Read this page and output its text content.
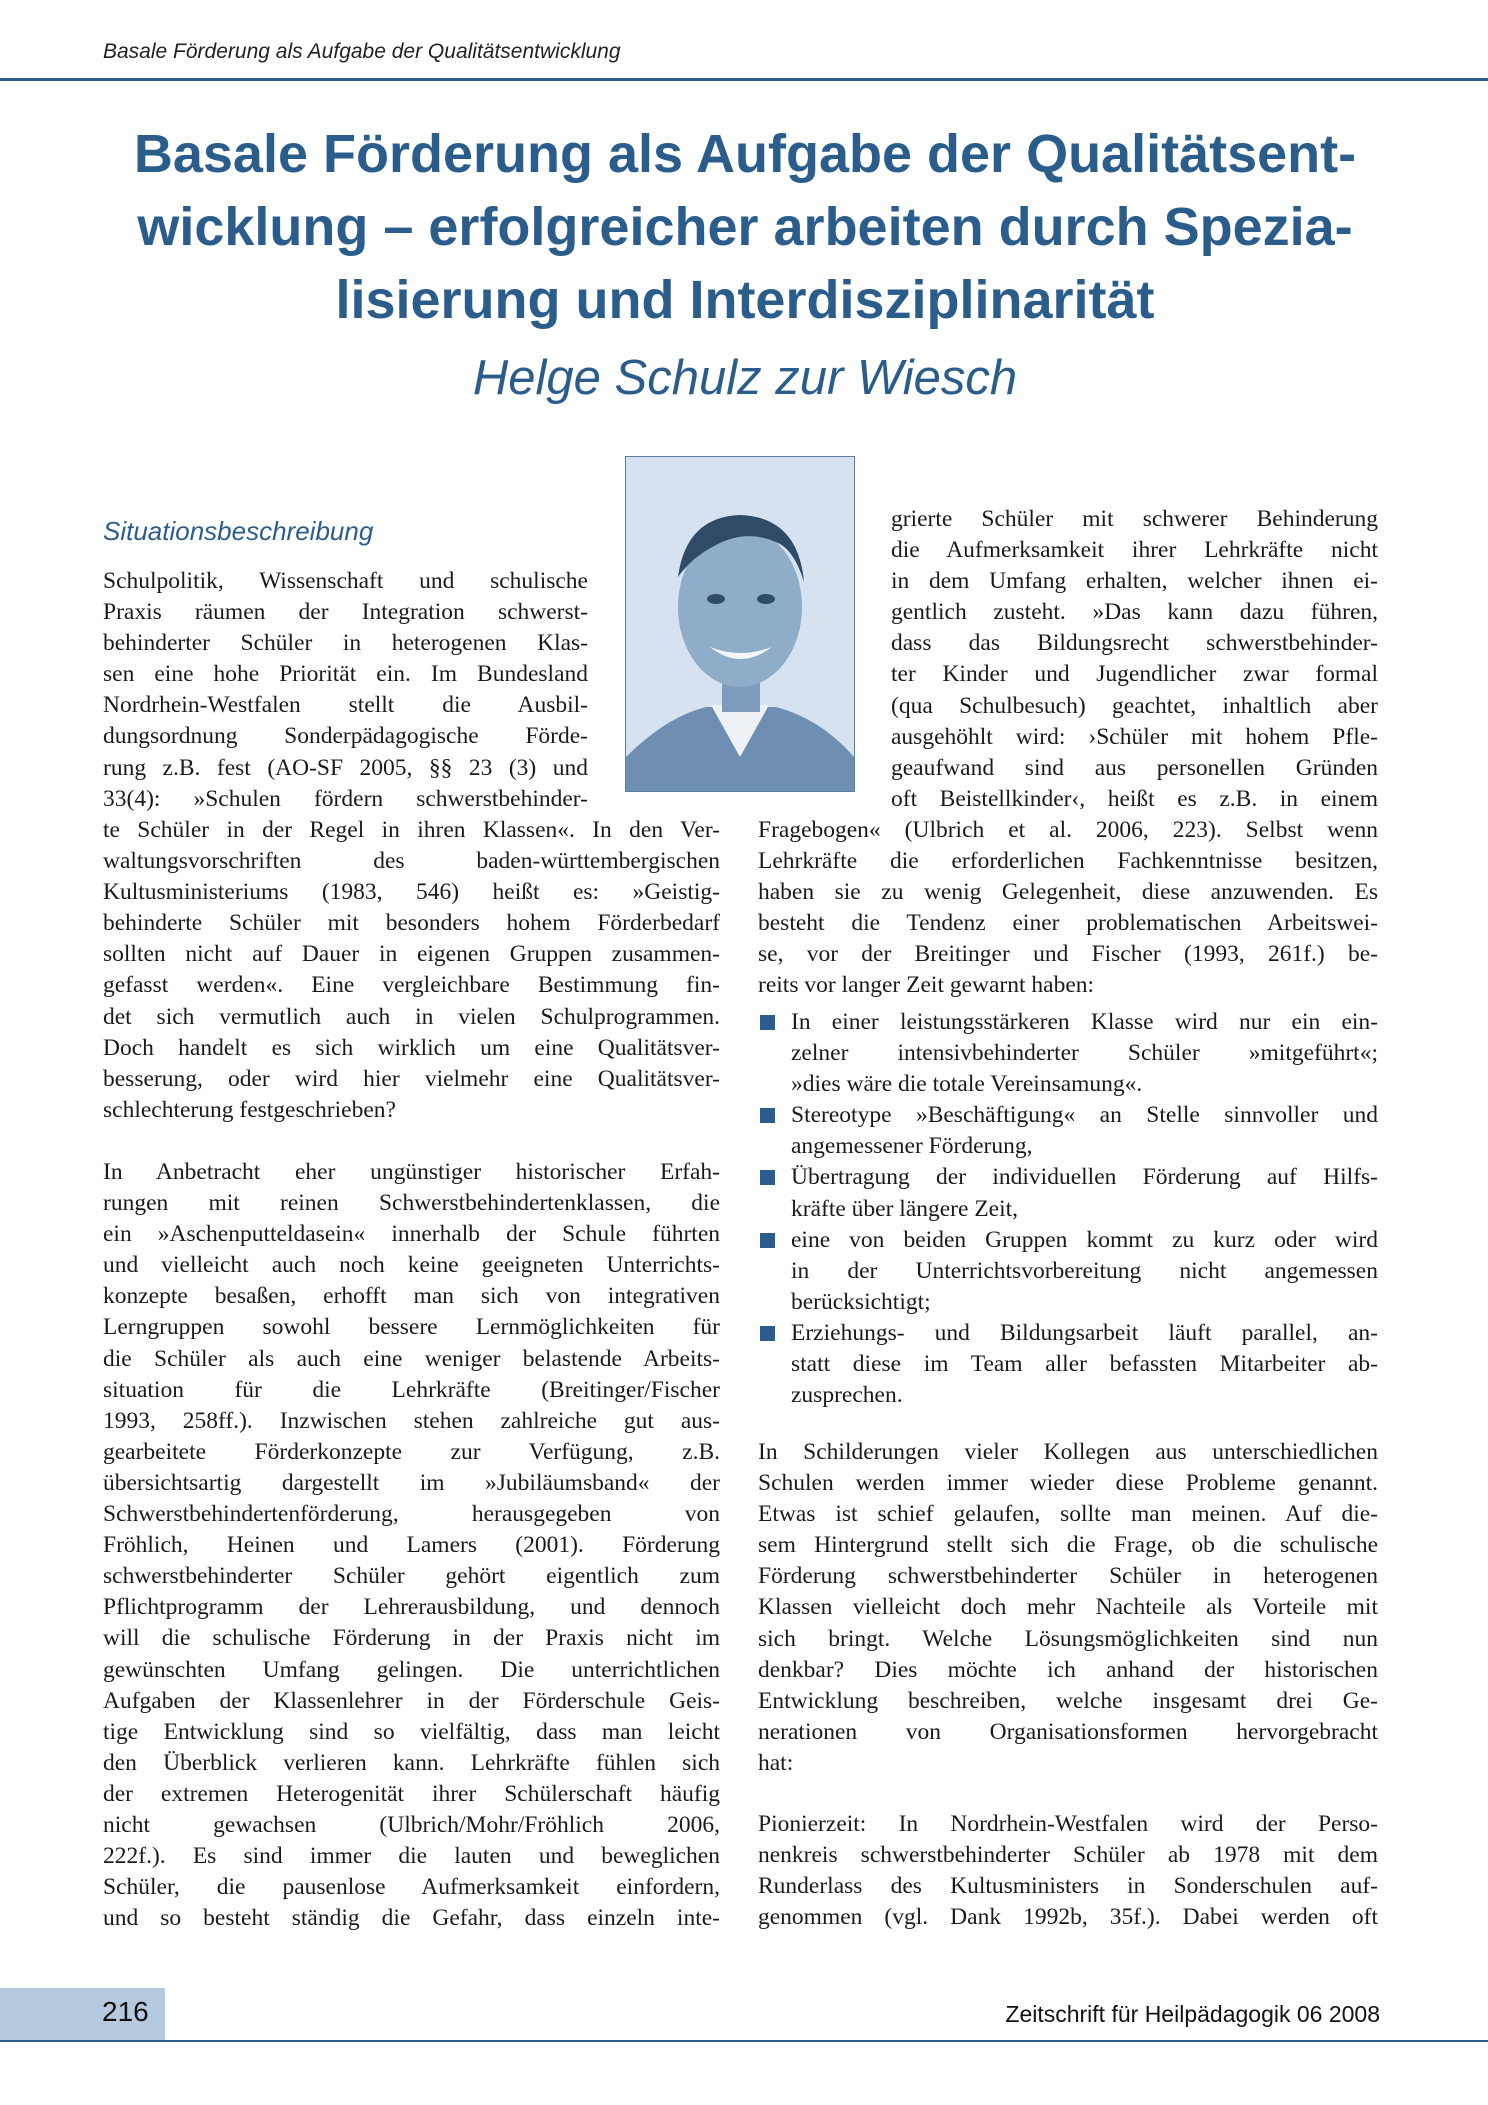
Basale Förderung als Aufgabe der Qualitätsentwicklung
Basale Förderung als Aufgabe der Qualitätsent-
wicklung – erfolgreicher arbeiten durch Spezia-
lisierung und Interdisziplinarität
Helge Schulz zur Wiesch
Situationsbeschreibung

Schulpolitik, Wissenschaft und schulische
Praxis räumen der Integration schwerst-
behinderter Schüler in heterogenen Klas-
sen eine hohe Priorität ein. Im Bundesland
Nordrhein-Westfalen stellt die Ausbil-
dungsordnung Sonderpädagogische Förde-
rung z.B. fest (AO-SF 2005, §§ 23 (3) und
33(4): »Schulen fördern schwerstbehinder-

te Schüler in der Regel in ihren Klassen«. In den Ver-
waltungsvorschriften des baden-württembergischen
Kultusministeriums (1983, 546) heißt es: »Geistig-
behinderte Schüler mit besonders hohem Förderbedarf
sollten nicht auf Dauer in eigenen Gruppen zusammen-
gefasst werden«. Eine vergleichbare Bestimmung fin-
det sich vermutlich auch in vielen Schulprogrammen.
Doch handelt es sich wirklich um eine Qualitätsver-
besserung, oder wird hier vielmehr eine Qualitätsver-
schlechterung festgeschrieben?

In Anbetracht eher ungünstiger historischer Erfah-
rungen mit reinen Schwerstbehindertenklassen, die
ein »Aschenputteldasein« innerhalb der Schule führten
und vielleicht auch noch keine geeigneten Unterrichts-
konzepte besaßen, erhofft man sich von integrativen
Lerngruppen sowohl bessere Lernmöglichkeiten für
die Schüler als auch eine weniger belastende Arbeits-
situation für die Lehrkräfte (Breitinger/Fischer
1993, 258ff.). Inzwischen stehen zahlreiche gut aus-
gearbeitete Förderkonzepte zur Verfügung, z.B.
übersichtsartig dargestellt im »Jubiläumsband« der
Schwerstbehindertenförderung, herausgegeben von
Fröhlich, Heinen und Lamers (2001). Förderung
schwerstbehinderter Schüler gehört eigentlich zum
Pflichtprogramm der Lehrerausbildung, und dennoch
will die schulische Förderung in der Praxis nicht im
gewünschten Umfang gelingen. Die unterrichtlichen
Aufgaben der Klassenlehrer in der Förderschule Geis-
tige Entwicklung sind so vielfältig, dass man leicht
den Überblick verlieren kann. Lehrkräfte fühlen sich
der extremen Heterogenität ihrer Schülerschaft häufig
nicht gewachsen (Ulbrich/Mohr/Fröhlich 2006,
222f.). Es sind immer die lauten und beweglichen
Schüler, die pausenlose Aufmerksamkeit einfordern,
und so besteht ständig die Gefahr, dass einzeln inte-

grierte Schüler mit schwerer Behinderung
die Aufmerksamkeit ihrer Lehrkräfte nicht
in dem Umfang erhalten, welcher ihnen ei-
gentlich zusteht. »Das kann dazu führen,
dass das Bildungsrecht schwerstbehinder-
ter Kinder und Jugendlicher zwar formal
(qua Schulbesuch) geachtet, inhaltlich aber
ausgehöhlt wird: ›Schüler mit hohem Pfle-
geaufwand sind aus personellen Gründen
oft Beistellkinder‹, heißt es z.B. in einem

Fragebogen« (Ulbrich et al. 2006, 223). Selbst wenn
Lehrkräfte die erforderlichen Fachkenntnisse besitzen,
haben sie zu wenig Gelegenheit, diese anzuwenden. Es
besteht die Tendenz einer problematischen Arbeitswei-
se, vor der Breitinger und Fischer (1993, 261f.) be-
reits vor langer Zeit gewarnt haben:

In einer leistungsstärkeren Klasse wird nur ein ein-
zelner intensivbehinderter Schüler »mitgeführt«;
»dies wäre die totale Vereinsamung«.
Stereotype »Beschäftigung« an Stelle sinnvoller und
angemessener Förderung,
Übertragung der individuellen Förderung auf Hilfs-
kräfte über längere Zeit,
eine von beiden Gruppen kommt zu kurz oder wird
in der Unterrichtsvorbereitung nicht angemessen
berücksichtigt;
Erziehungs- und Bildungsarbeit läuft parallel, an-
statt diese im Team aller befassten Mitarbeiter ab-
zusprechen.

In Schilderungen vieler Kollegen aus unterschiedlichen
Schulen werden immer wieder diese Probleme genannt.
Etwas ist schief gelaufen, sollte man meinen. Auf die-
sem Hintergrund stellt sich die Frage, ob die schulische
Förderung schwerstbehinderter Schüler in heterogenen
Klassen vielleicht doch mehr Nachteile als Vorteile mit
sich bringt. Welche Lösungsmöglichkeiten sind nun
denkbar? Dies möchte ich anhand der historischen
Entwicklung beschreiben, welche insgesamt drei Ge-
nerationen von Organisationsformen hervorgebracht
hat:

Pionierzeit: In Nordrhein-Westfalen wird der Perso-
nenkreis schwerstbehinderter Schüler ab 1978 mit dem
Runderlass des Kultusministers in Sonderschulen auf-
genommen (vgl. Dank 1992b, 35f.). Dabei werden oft

216	Zeitschrift für Heilpädagogik 06 2008
